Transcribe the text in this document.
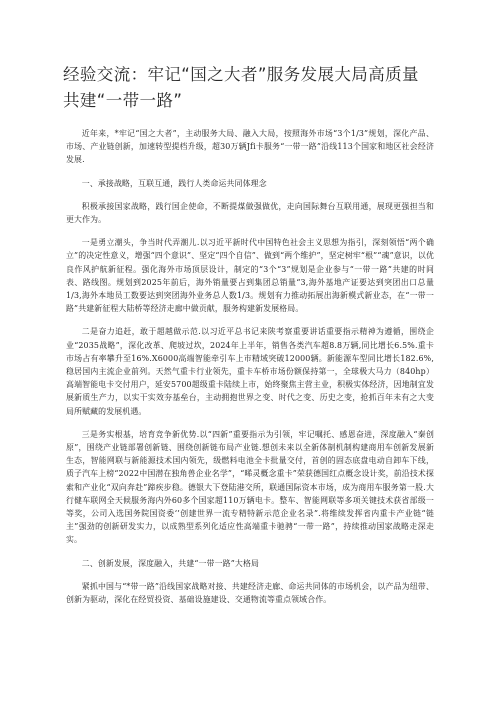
经验交流：牢记“国之大者”服务发展大局高质量
共建“一带一路”

近年来，*牢记“国之大者”，主动服务大局、融入大局，按照海外市场“3个1/3”规划，深化产品、市场、产业链创新，加速转型提档升级，超30万辆Jfi卡服务“一带一路”沿线113个国家和地区社会经济发展.

一、承接战略，互联互通，践行人类命运共同体理念

积极承接国家战略，践行国企使命，不断提煤做强做优，走向国际舞台互联用通，展现更强担当和更大作为。

一是勇立潮头，争当时代弄潮儿.以习近平新时代中国特色社会主义思想为指引，深刻领悟“两个确立”的决定性意义，增强“四个意识”、坚定“四个自信”、做到“两个维护”，坚定树牢“根”“魂”意识，以优良作风护航新征程。强化海外市场顶层设计，制定的“3个“3”规划是企业参与“一带一路”共建的时间表、路线图。规划到2025年前后，海外销量要占到集团总销量“3,海外基地产证要达到突团出口总量1/3,海外本地员工数要达到突团海外业务总人数1/3。规划有力推动拓展出海新模式新业态，在“一带一路”共建新征程大陆桥等经济走廊中做贡献，服务构建新发展格局。

二是奋力追赶，敢于超越做示范.以习近平总书记来陕考察重要讲话重要指示精神为遵循，围绕企业“2035战略”，深化改革、爬坡过坎，2024年上半年，销售各类汽车超8.8万辆,同比增长6.5%.重卡市场占有率攀升至16%.X6000高端智能牵引车上市精域突破12000辆。新能源车型同比增长182.6%,稳居国内主流企业前列。天然气重卡行业领先，重卡车桥市场份额保持第一，全球极大马力（840hp）高端智能电卡交付用户，延安5700超级重卡陆续上市，始终聚焦主营主业，积极实体经济，因地制宜发展新质生产力，以实干实效夯基垒台，主动拥抱世界之变、时代之变、历史之变，抢抓百年未有之大变局所赋藏的发展机遇。

三是务实根基，培育竞争新优势.以“四新”重要指示为引领，牢记嘱托、感恩奋进，深度融入“秦创原”，围绕产业链部署创新链、围绕创新链布局产业链.想创未来以全新体制机制构建商用车创新发展新生态，智能网联与新能源技术国内领先，级燃料电池全卡批量交付，首创的固态底盘电动自卸车下线，质子汽车上榜“2022中国潜在独角兽企业名学”，“晞灵概念重卡”荣获德国红点概念设计奖，前沿技术探索和产业化“双向奔赴”蹄疾步稳。德银大下登陆港交所，联通国际资本市场，成为商用车服务第一股.大行健车联网全天候服务海内外60多个国家超110万辆电卡。整车、智能网联等多项关键技术获省部级一等奖，公司入选国务院国资委‘’创建世界一流专精特新示范企业名录”.将维续发挥省内重卡产业链“链主”强劲的创新研发实力，以成熟型系列化适应性高端重卡驰骋“一带一路”，持续推动国家战略走深走实。

二、创新发展，深度融入，共建“一带一路”大格局

紧抓中国与“*带一路”沿线国家战略对接、共建经济走廊、命运共同体的市场机会，以产品为纽带、创新为驱动，深化在经贸投资、基础设施建设、交通物流等重点领域合作。
